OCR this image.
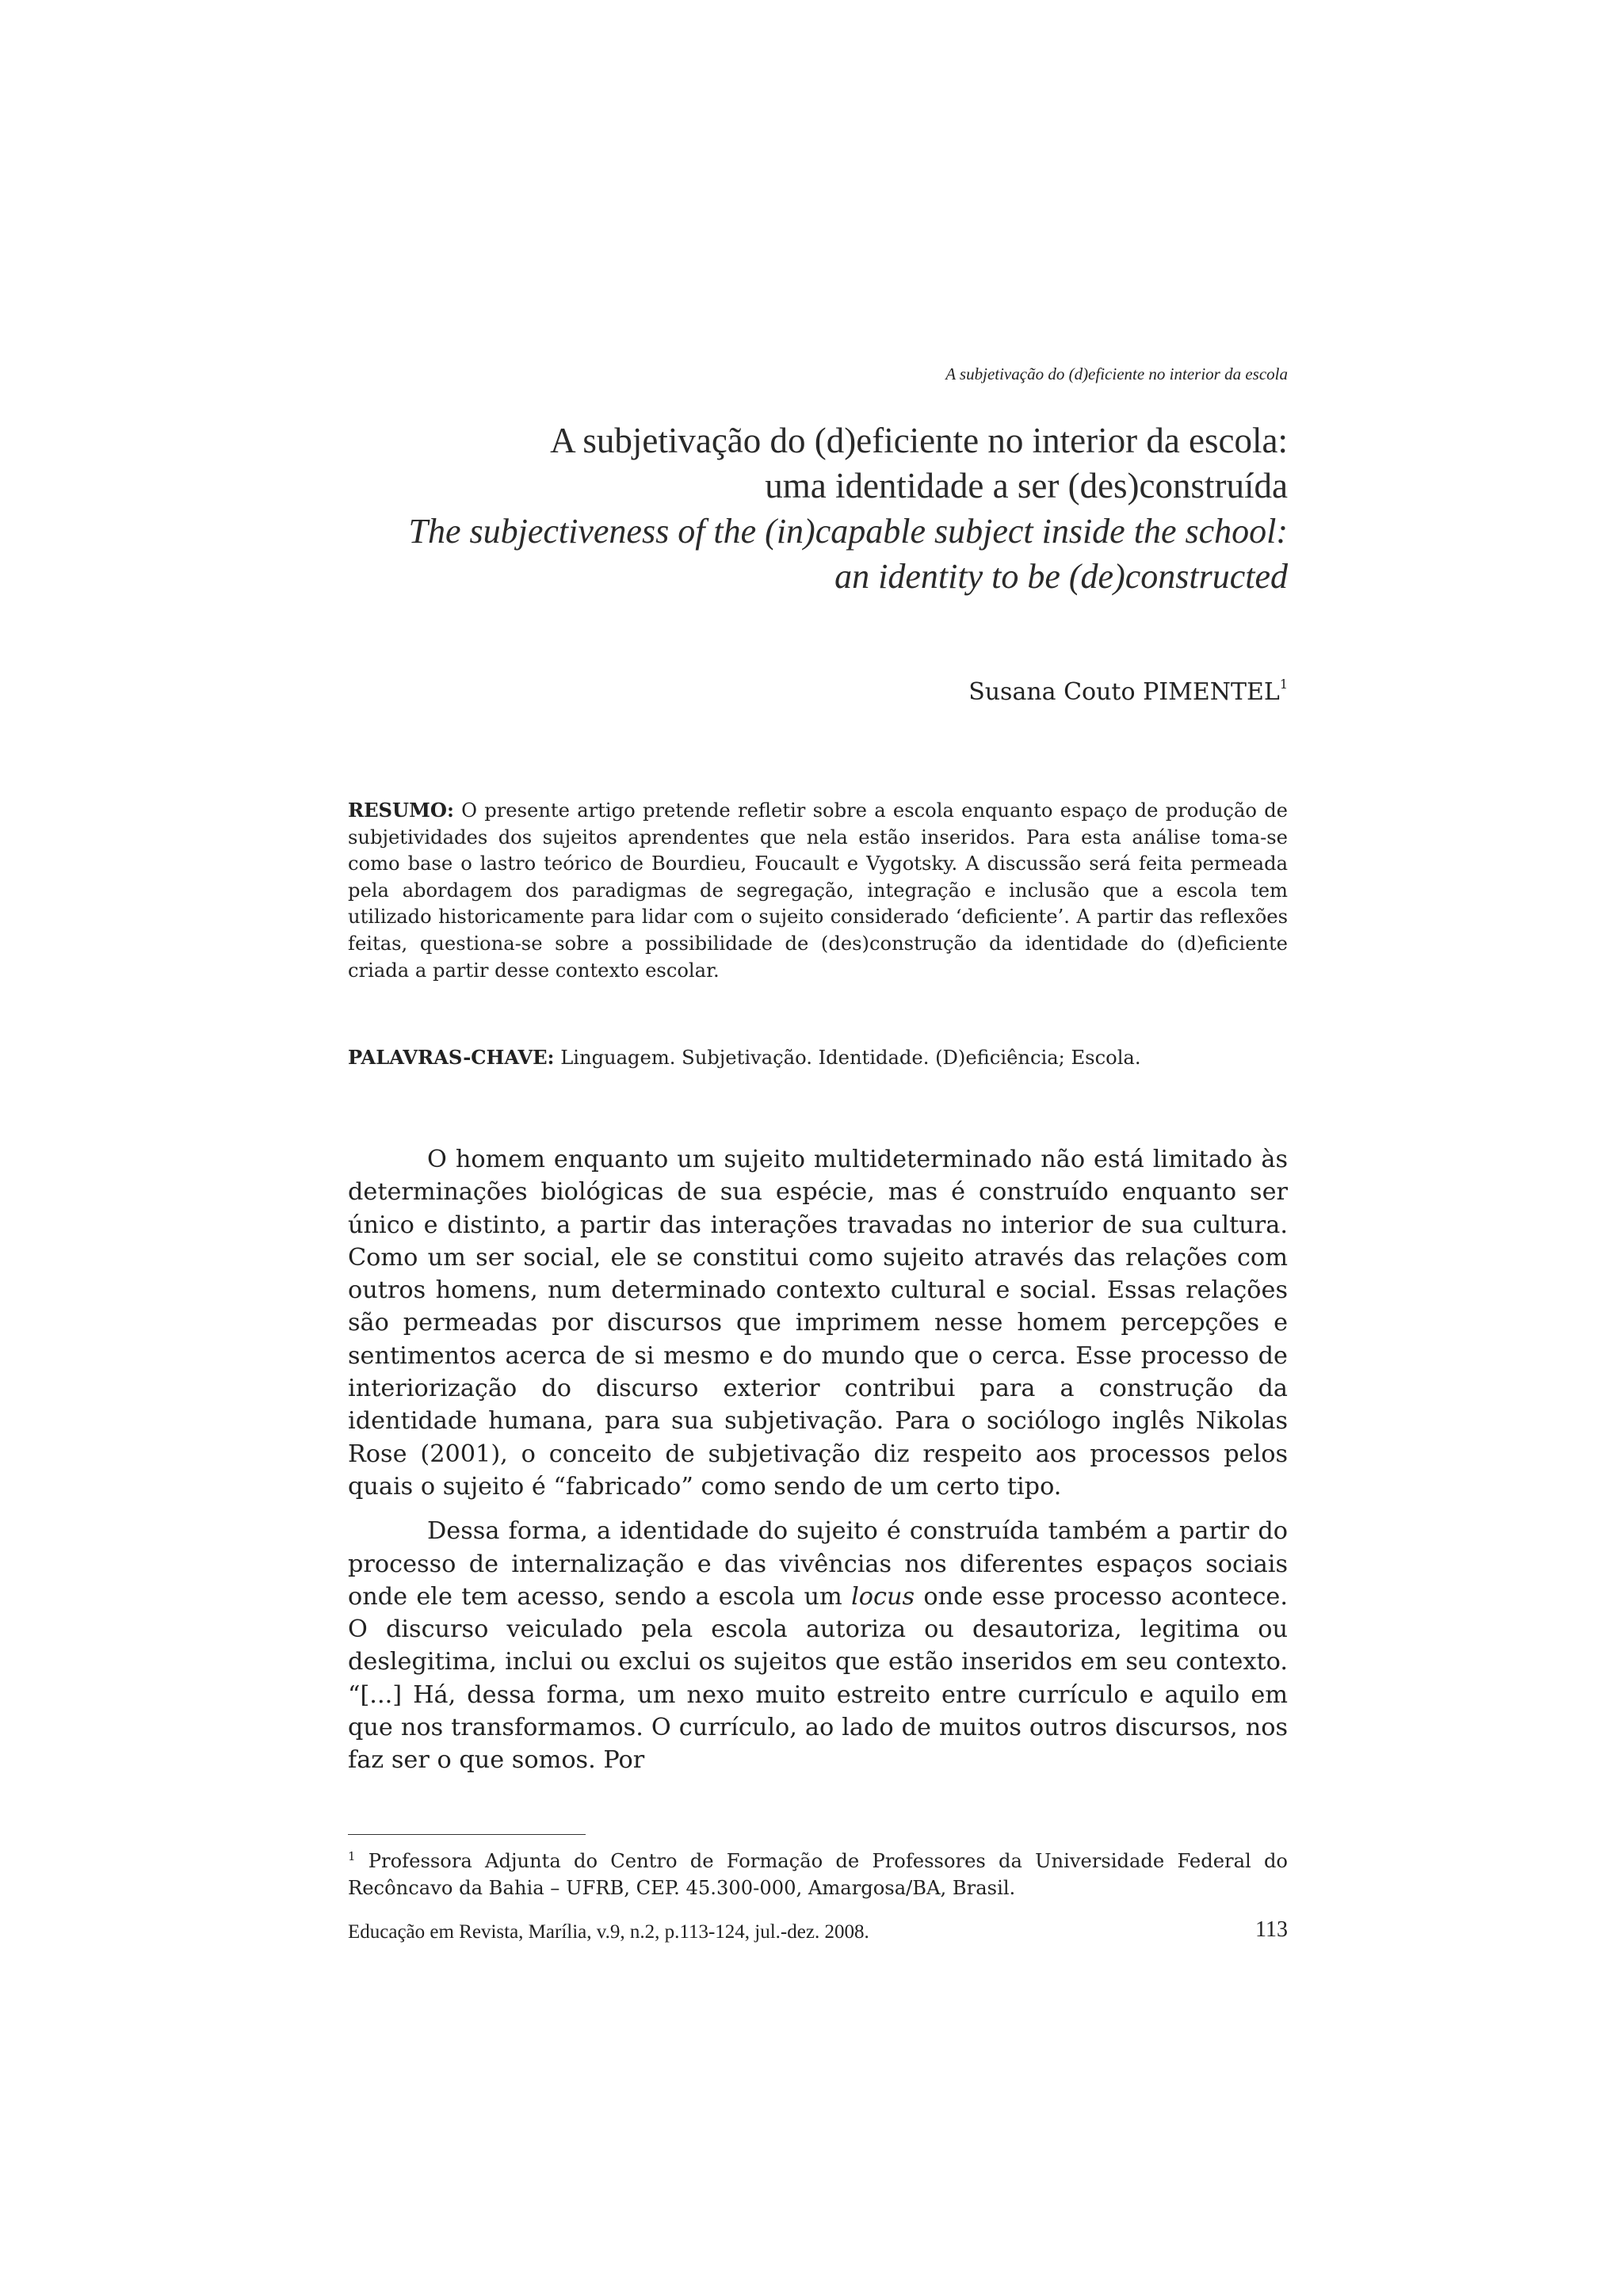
A subjetivação do (d)eficiente no interior da escola
A subjetivação do (d)eficiente no interior da escola:
uma identidade a ser (des)construída
The subjectiveness of the (in)capable subject inside the school:
an identity to be (de)constructed
Susana Couto PIMENTEL$^1$
RESUMO: O presente artigo pretende refletir sobre a escola enquanto espaço de produção de subjetividades dos sujeitos aprendentes que nela estão inseridos. Para esta análise toma-se como base o lastro teórico de Bourdieu, Foucault e Vygotsky. A discussão será feita permeada pela abordagem dos paradigmas de segregação, integração e inclusão que a escola tem utilizado historicamente para lidar com o sujeito considerado ‘deficiente’. A partir das reflexões feitas, questiona-se sobre a possibilidade de (des)construção da identidade do (d)eficiente criada a partir desse contexto escolar.
PALAVRAS-CHAVE: Linguagem. Subjetivação. Identidade. (D)eficiência; Escola.

O homem enquanto um sujeito multideterminado não está limitado às determinações biológicas de sua espécie, mas é construído enquanto ser único e distinto, a partir das interações travadas no interior de sua cultura. Como um ser social, ele se constitui como sujeito através das relações com outros homens, num determinado contexto cultural e social. Essas relações são permeadas por discursos que imprimem nesse homem percepções e sentimentos acerca de si mesmo e do mundo que o cerca. Esse processo de interiorização do discurso exterior contribui para a construção da identidade humana, para sua subjetivação. Para o sociólogo inglês Nikolas Rose (2001), o conceito de subjetivação diz respeito aos processos pelos quais o sujeito é “fabricado” como sendo de um certo tipo.

Dessa forma, a identidade do sujeito é construída também a partir do processo de internalização e das vivências nos diferentes espaços sociais onde ele tem acesso, sendo a escola um locus onde esse processo acontece. O discurso veiculado pela escola autoriza ou desautoriza, legitima ou deslegitima, inclui ou exclui os sujeitos que estão inseridos em seu contexto. “[...] Há, dessa forma, um nexo muito estreito entre currículo e aquilo em que nos transformamos. O currículo, ao lado de muitos outros discursos, nos faz ser o que somos. Por

$^1$ Professora Adjunta do Centro de Formação de Professores da Universidade Federal do Recôncavo da Bahia – UFRB, CEP. 45.300-000, Amargosa/BA, Brasil.
Educação em Revista, Marília, v.9, n.2, p.113-124, jul.-dez. 2008.	113
